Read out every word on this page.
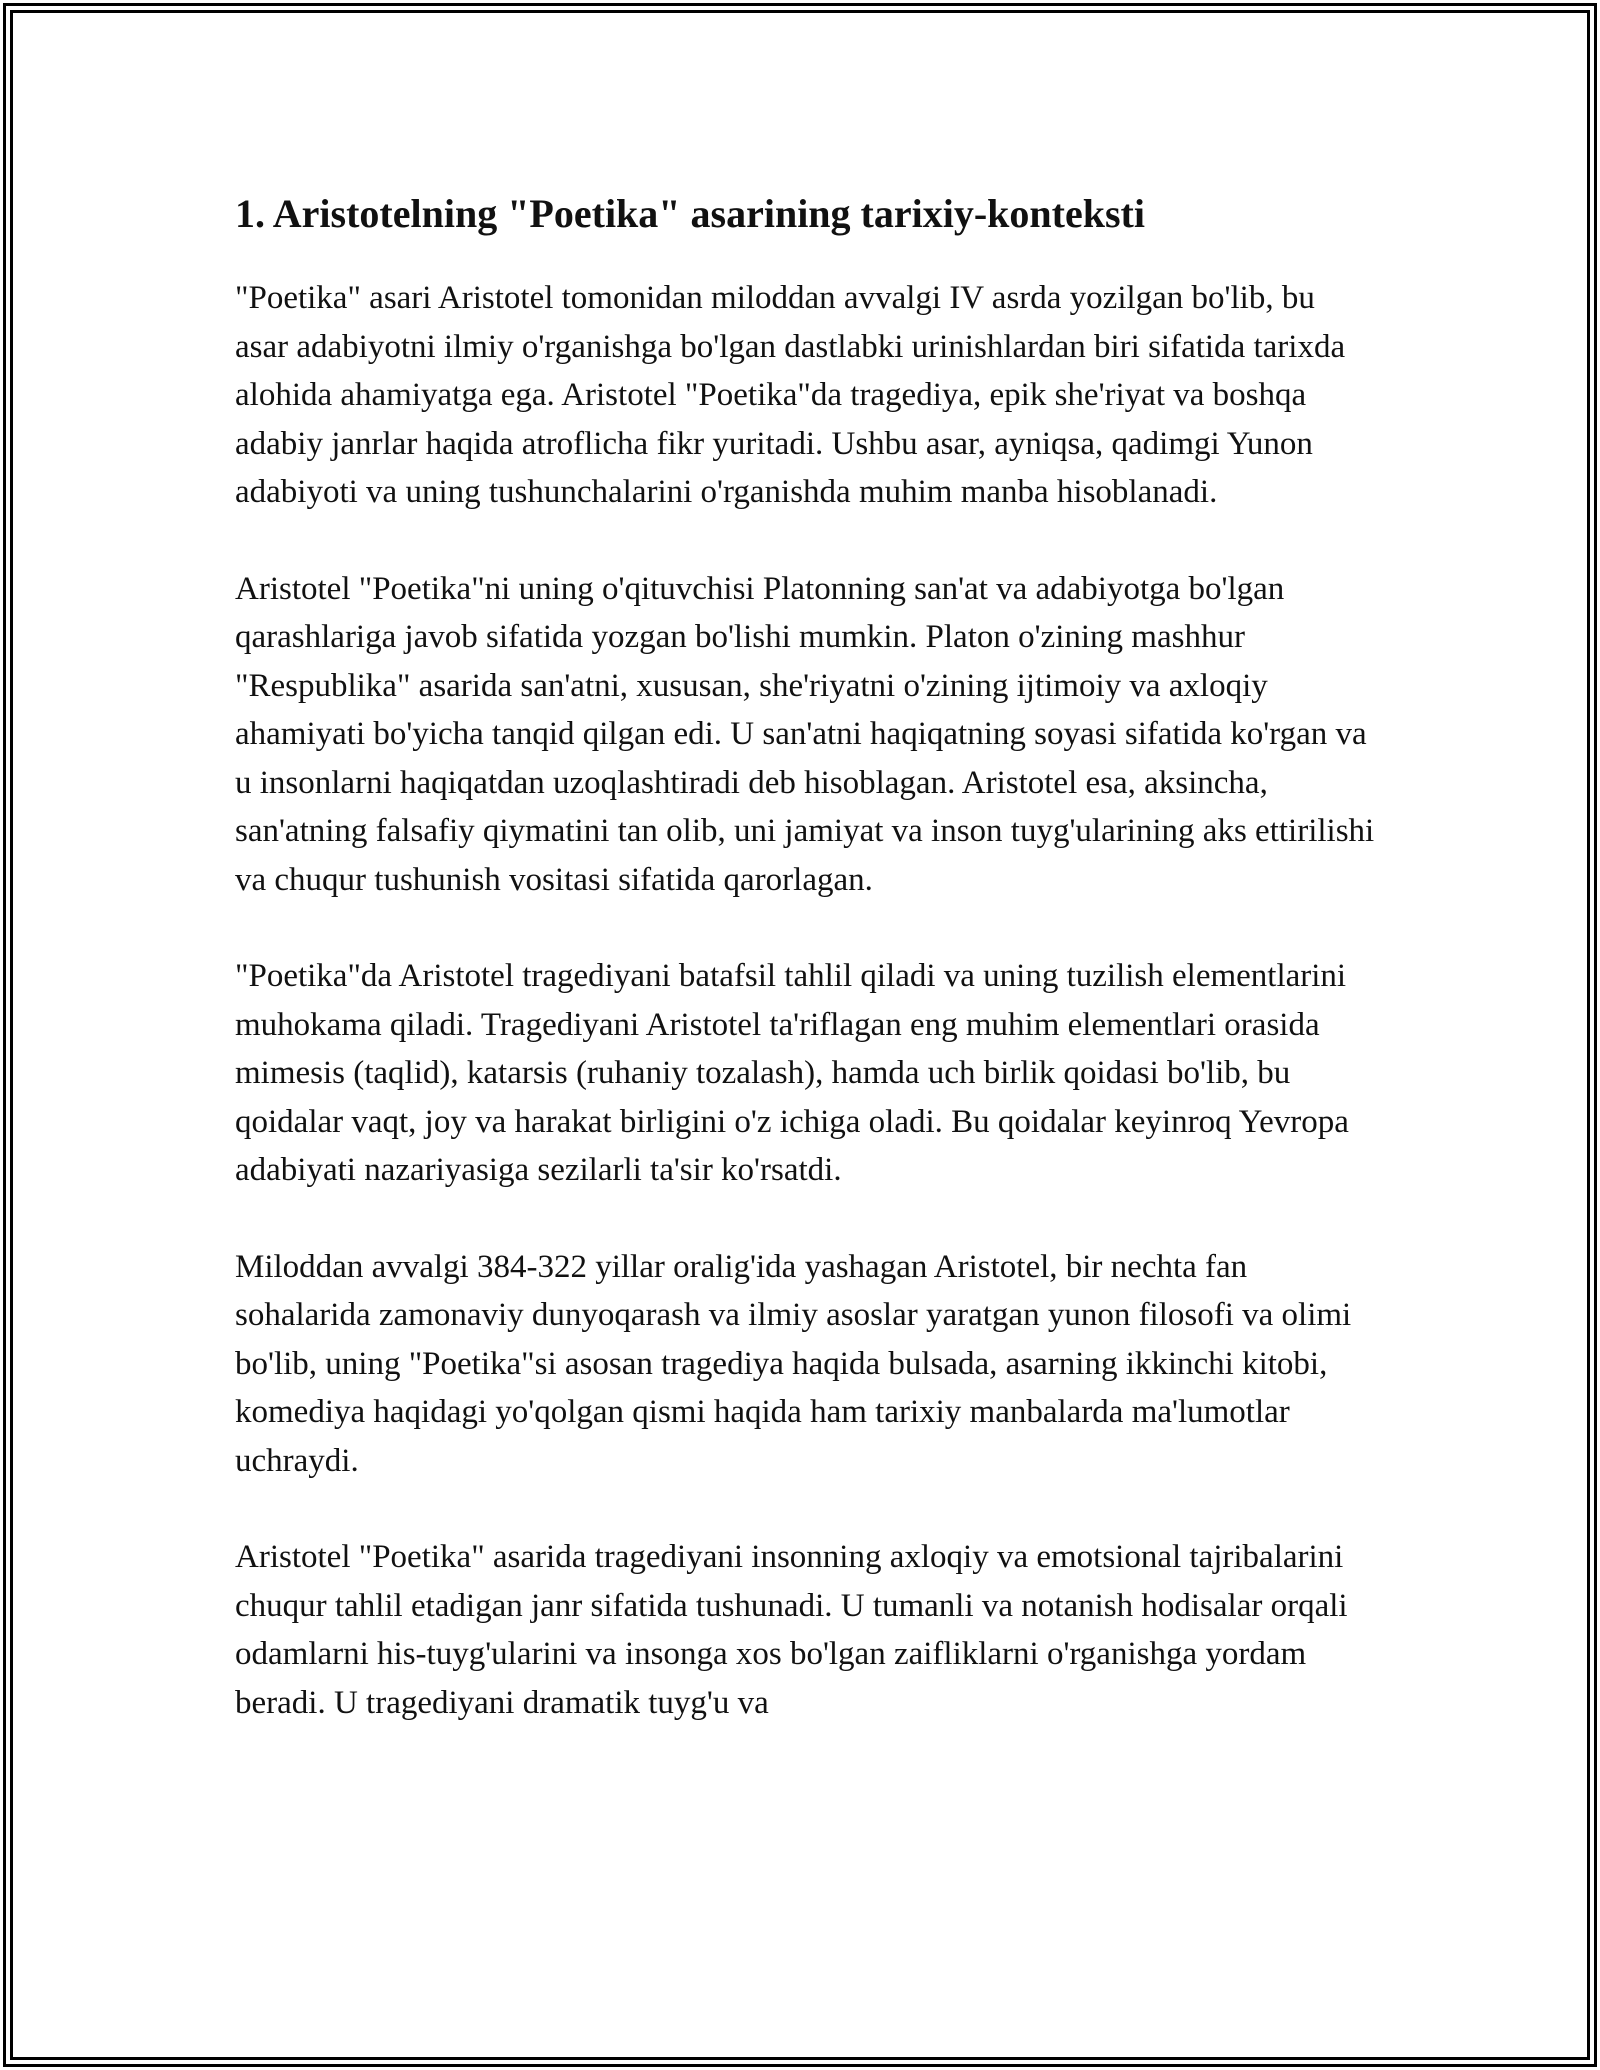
1. Aristotelning "Poetika" asarining tarixiy-konteksti

"Poetika" asari Aristotel tomonidan miloddan avvalgi IV asrda yozilgan bo'lib, bu asar adabiyotni ilmiy o'rganishga bo'lgan dastlabki urinishlardan biri sifatida tarixda alohida ahamiyatga ega. Aristotel "Poetika"da tragediya, epik she'riyat va boshqa adabiy janrlar haqida atroflicha fikr yuritadi. Ushbu asar, ayniqsa, qadimgi Yunon adabiyoti va uning tushunchalarini o'rganishda muhim manba hisoblanadi.

Aristotel "Poetika"ni uning o'qituvchisi Platonning san'at va adabiyotga bo'lgan qarashlariga javob sifatida yozgan bo'lishi mumkin. Platon o'zining mashhur "Respublika" asarida san'atni, xususan, she'riyatni o'zining ijtimoiy va axloqiy ahamiyati bo'yicha tanqid qilgan edi. U san'atni haqiqatning soyasi sifatida ko'rgan va u insonlarni haqiqatdan uzoqlashtiradi deb hisoblagan. Aristotel esa, aksincha, san'atning falsafiy qiymatini tan olib, uni jamiyat va inson tuyg'ularining aks ettirilishi va chuqur tushunish vositasi sifatida qarorlagan.

"Poetika"da Aristotel tragediyani batafsil tahlil qiladi va uning tuzilish elementlarini muhokama qiladi. Tragediyani Aristotel ta'riflagan eng muhim elementlari orasida mimesis (taqlid), katarsis (ruhaniy tozalash), hamda uch birlik qoidasi bo'lib, bu qoidalar vaqt, joy va harakat birligini o'z ichiga oladi. Bu qoidalar keyinroq Yevropa adabiyati nazariyasiga sezilarli ta'sir ko'rsatdi.

Miloddan avvalgi 384-322 yillar oralig'ida yashagan Aristotel, bir nechta fan sohalarida zamonaviy dunyoqarash va ilmiy asoslar yaratgan yunon filosofi va olimi bo'lib, uning "Poetika"si asosan tragediya haqida bulsada, asarning ikkinchi kitobi, komediya haqidagi yo'qolgan qismi haqida ham tarixiy manbalarda ma'lumotlar uchraydi.

Aristotel "Poetika" asarida tragediyani insonning axloqiy va emotsional tajribalarini chuqur tahlil etadigan janr sifatida tushunadi. U tumanli va notanish hodisalar orqali odamlarni his-tuyg'ularini va insonga xos bo'lgan zaifliklarni o'rganishga yordam beradi. U tragediyani dramatik tuyg'u va
